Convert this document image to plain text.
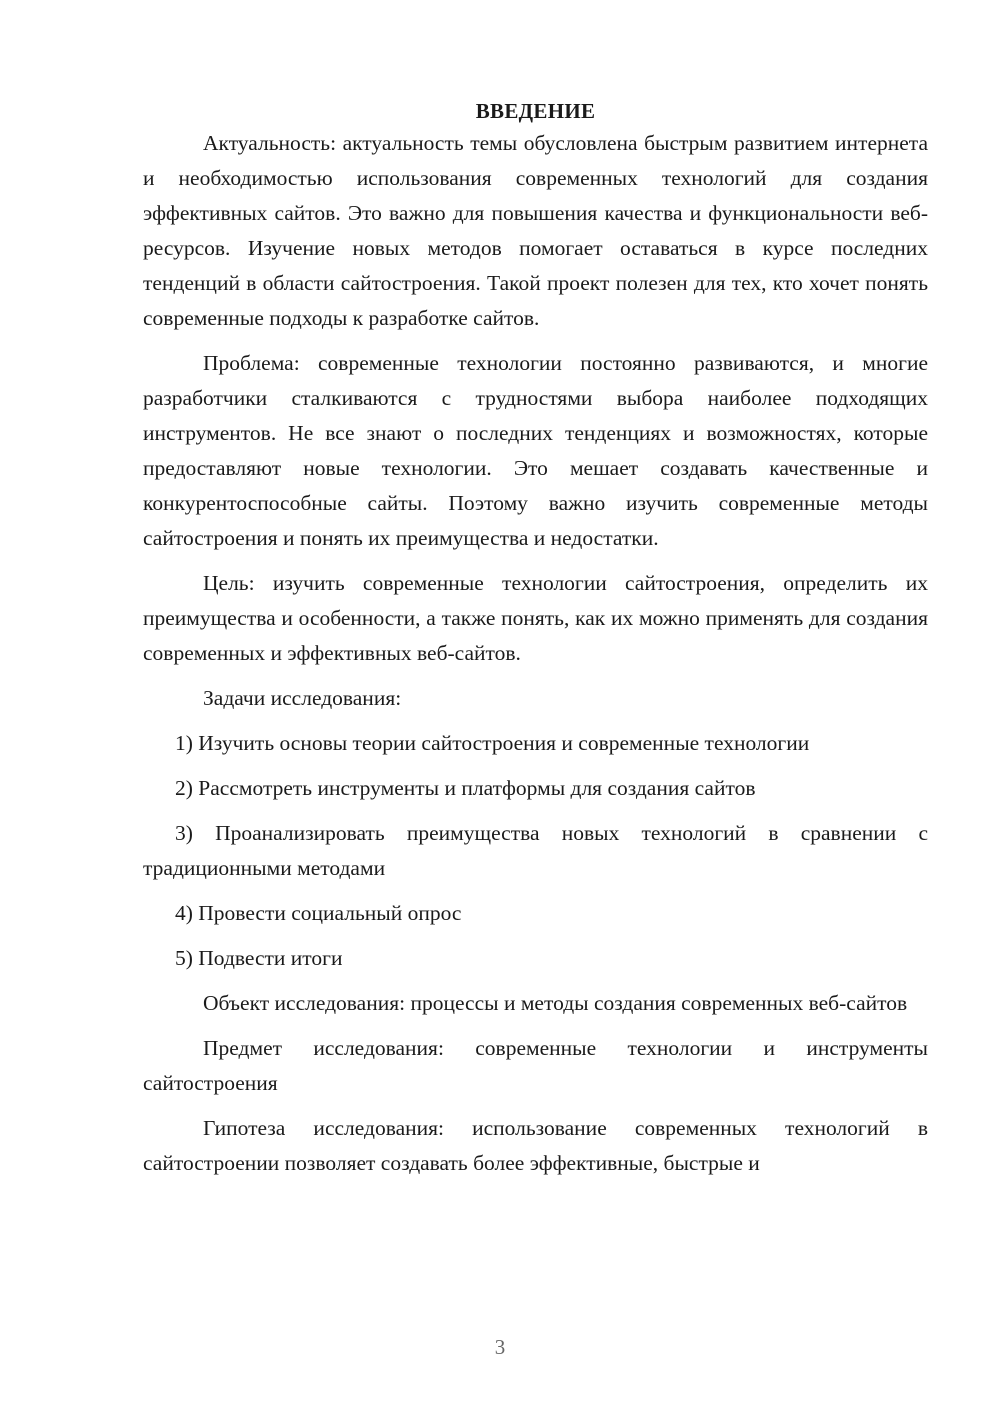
ВВЕДЕНИЕ

Актуальность: актуальность темы обусловлена быстрым развитием интернета и необходимостью использования современных технологий для создания эффективных сайтов. Это важно для повышения качества и функциональности веб-ресурсов. Изучение новых методов помогает оставаться в курсе последних тенденций в области сайтостроения. Такой проект полезен для тех, кто хочет понять современные подходы к разработке сайтов.

Проблема: современные технологии постоянно развиваются, и многие разработчики сталкиваются с трудностями выбора наиболее подходящих инструментов. Не все знают о последних тенденциях и возможностях, которые предоставляют новые технологии. Это мешает создавать качественные и конкурентоспособные сайты. Поэтому важно изучить современные методы сайтостроения и понять их преимущества и недостатки.

Цель: изучить современные технологии сайтостроения, определить их преимущества и особенности, а также понять, как их можно применять для создания современных и эффективных веб-сайтов.

Задачи исследования:

1) Изучить основы теории сайтостроения и современные технологии

2) Рассмотреть инструменты и платформы для создания сайтов

3) Проанализировать преимущества новых технологий в сравнении с традиционными методами

4) Провести социальный опрос

5) Подвести итоги

Объект исследования: процессы и методы создания современных веб-сайтов

Предмет исследования: современные технологии и инструменты сайтостроения

Гипотеза исследования: использование современных технологий в сайтостроении позволяет создавать более эффективные, быстрые и

3
